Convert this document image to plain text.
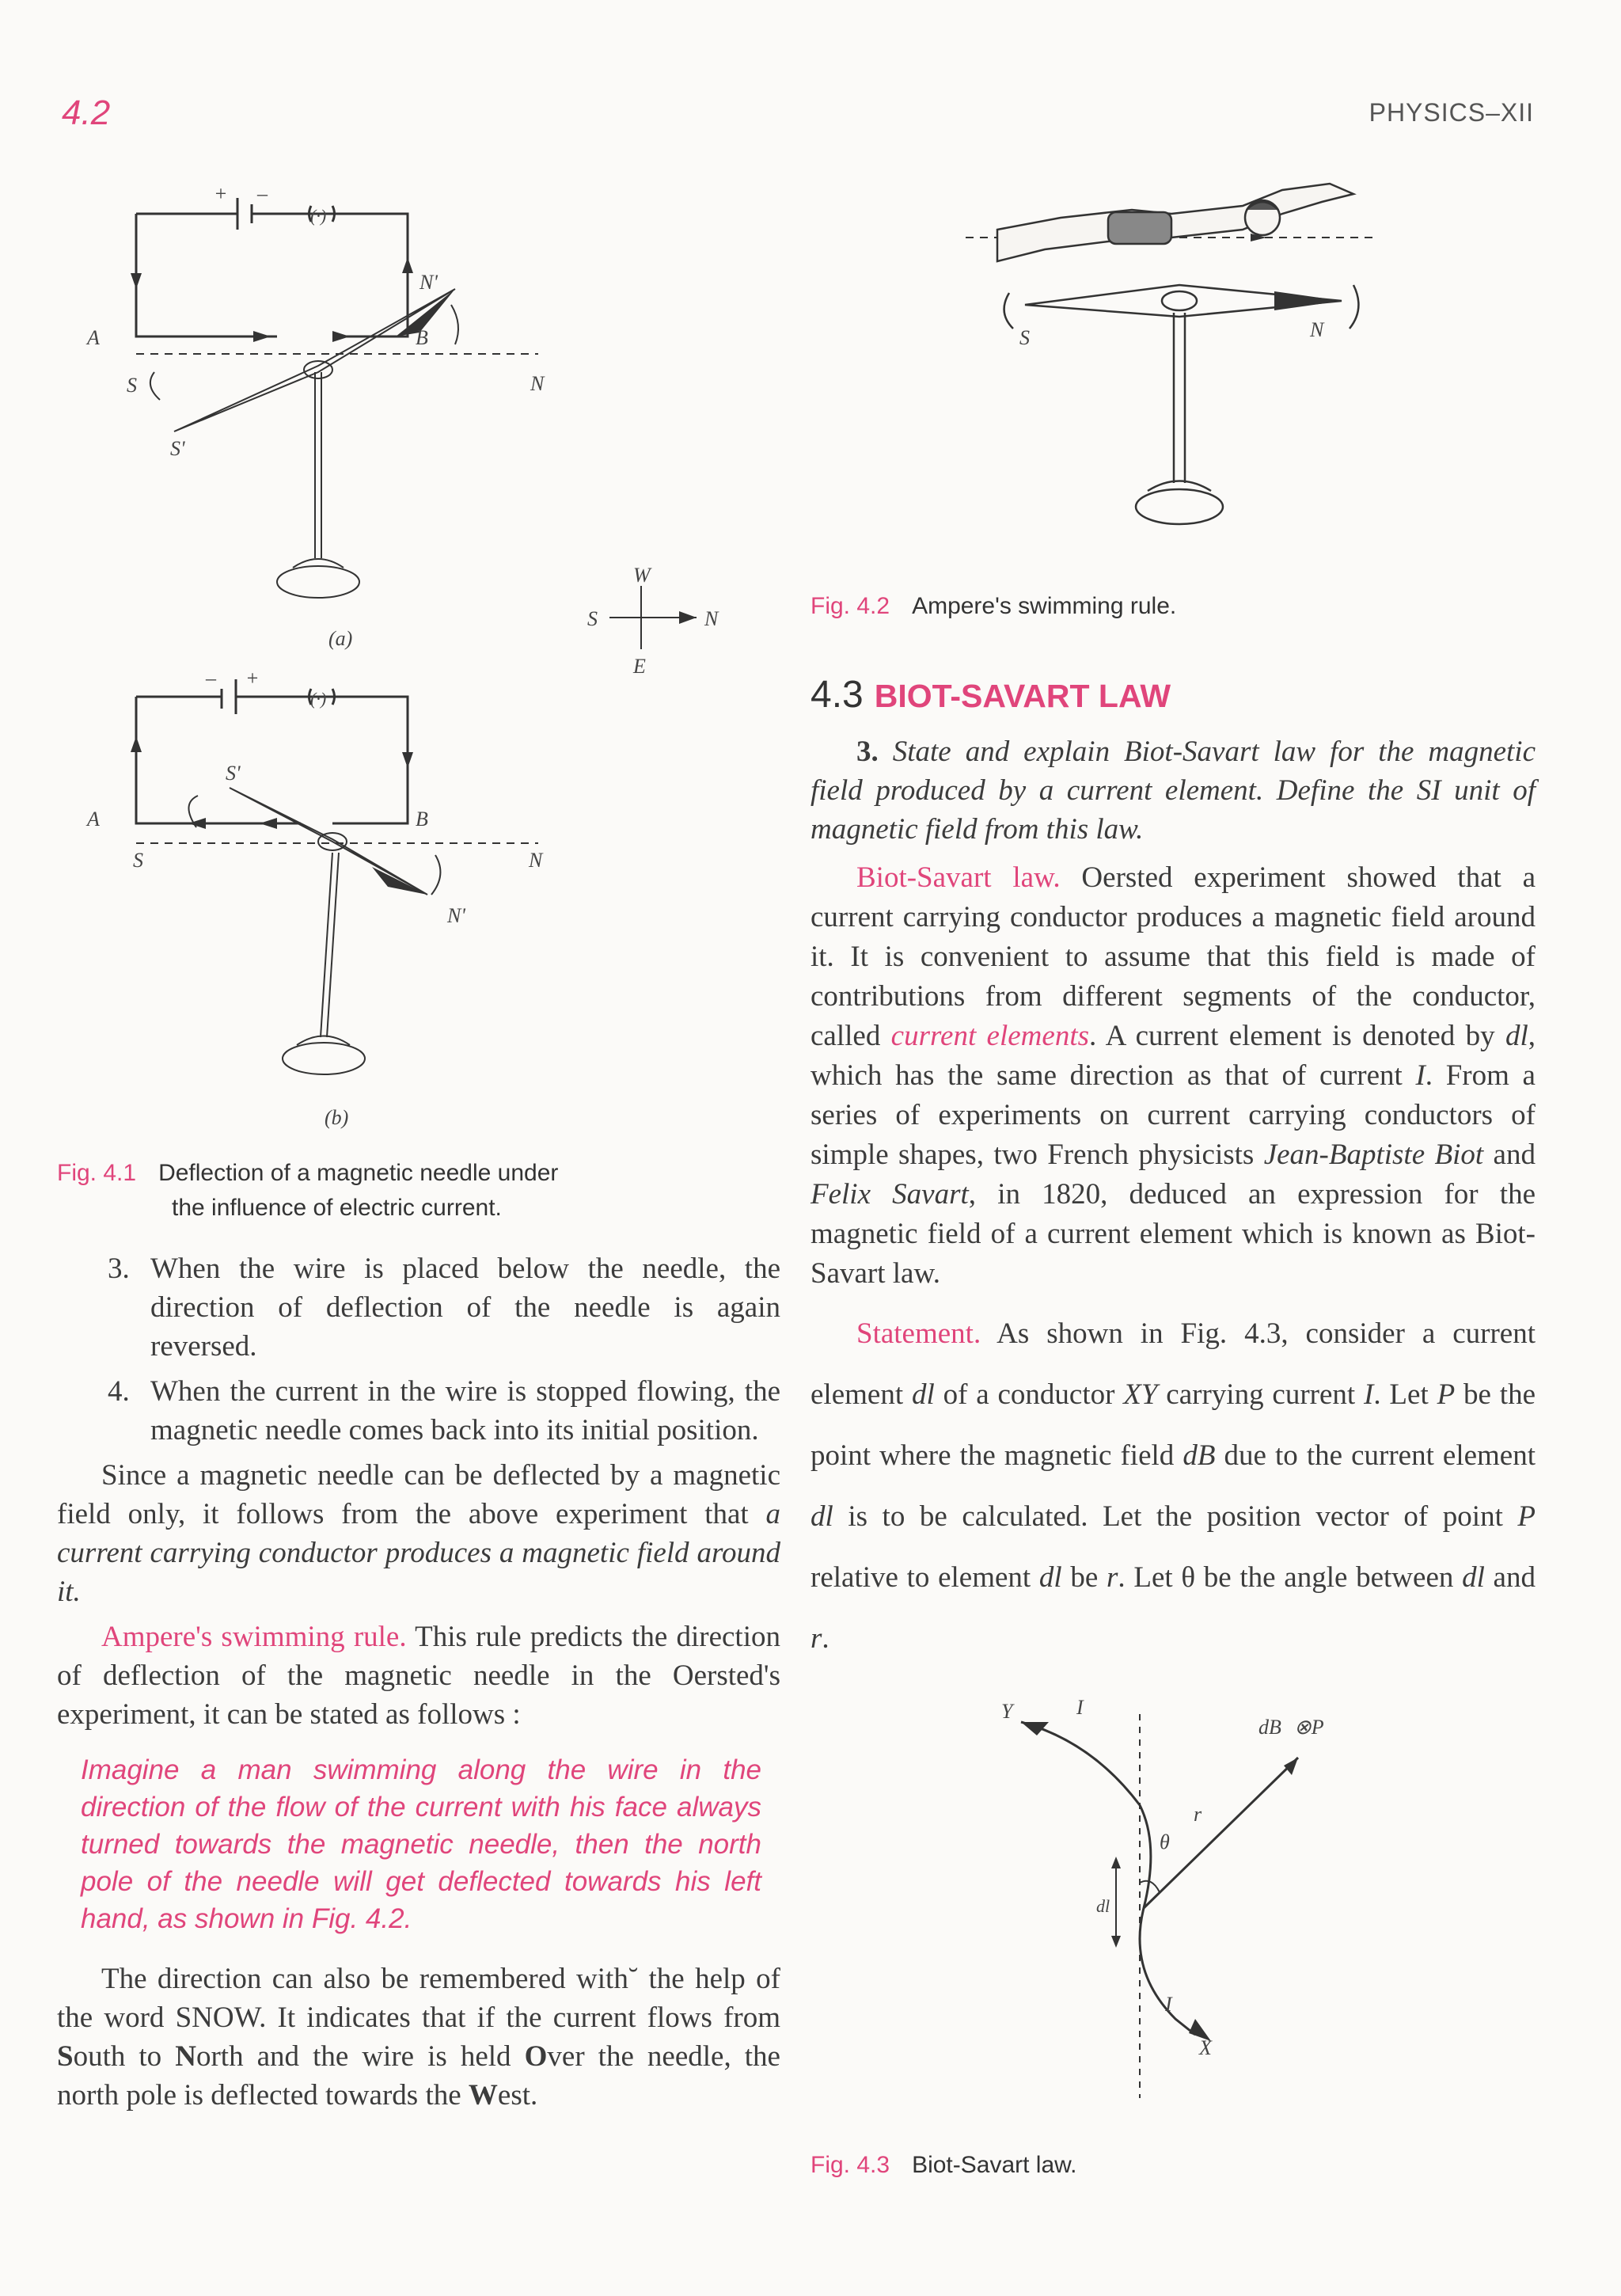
4.2	PHYSICS–XII
A	B
N
S
N'
S'
+ –
(·)
(a)
A	B
N
S
N'
S'
– +
(·)
(b)
W
E
S	N
Fig. 4.1 Deflection of a magnetic needle under
the influence of electric current.
3. When the wire is placed below the needle, the direction of deflection of the needle is again reversed.
4. When the current in the wire is stopped flowing, the magnetic needle comes back into its initial position.

Since a magnetic needle can be deflected by a magnetic field only, it follows from the above experiment that a current carrying conductor produces a magnetic field around it.

Ampere's swimming rule. This rule predicts the direction of deflection of the magnetic needle in the Oersted's experiment, it can be stated as follows :

Imagine a man swimming along the wire in the direction of the flow of the current with his face always turned towards the magnetic needle, then the north pole of the needle will get deflected towards his left hand, as shown in Fig. 4.2.

The direction can also be remembered with˘ the help of the word SNOW. It indicates that if the current flows from South to North and the wire is held Over the needle, the north pole is deflected towards the West.

S	N
Fig. 4.2 Ampere's swimming rule.
4.3 BIOT-SAVART LAW

3. State and explain Biot-Savart law for the magnetic field produced by a current element. Define the SI unit of magnetic field from this law.

Biot-Savart law. Oersted experiment showed that a current carrying conductor produces a magnetic field around it. It is convenient to assume that this field is made of contributions from different segments of the conductor, called current elements. A current element is denoted by dl, which has the same direction as that of current I. From a series of experiments on current carrying conductors of simple shapes, two French physicists Jean-Baptiste Biot and Felix Savart, in 1820, deduced an expression for the magnetic field of a current element which is known as Biot-Savart law.

Statement. As shown in Fig. 4.3, consider a current element dl of a conductor XY carrying current I. Let P be the point where the magnetic field dB due to the current element dl is to be calculated. Let the position vector of point P relative to element dl be r. Let θ be the angle between dl and r.

Y	I
dB ⊗P
r
θ
dl
X
I
Fig. 4.3 Biot-Savart law.
